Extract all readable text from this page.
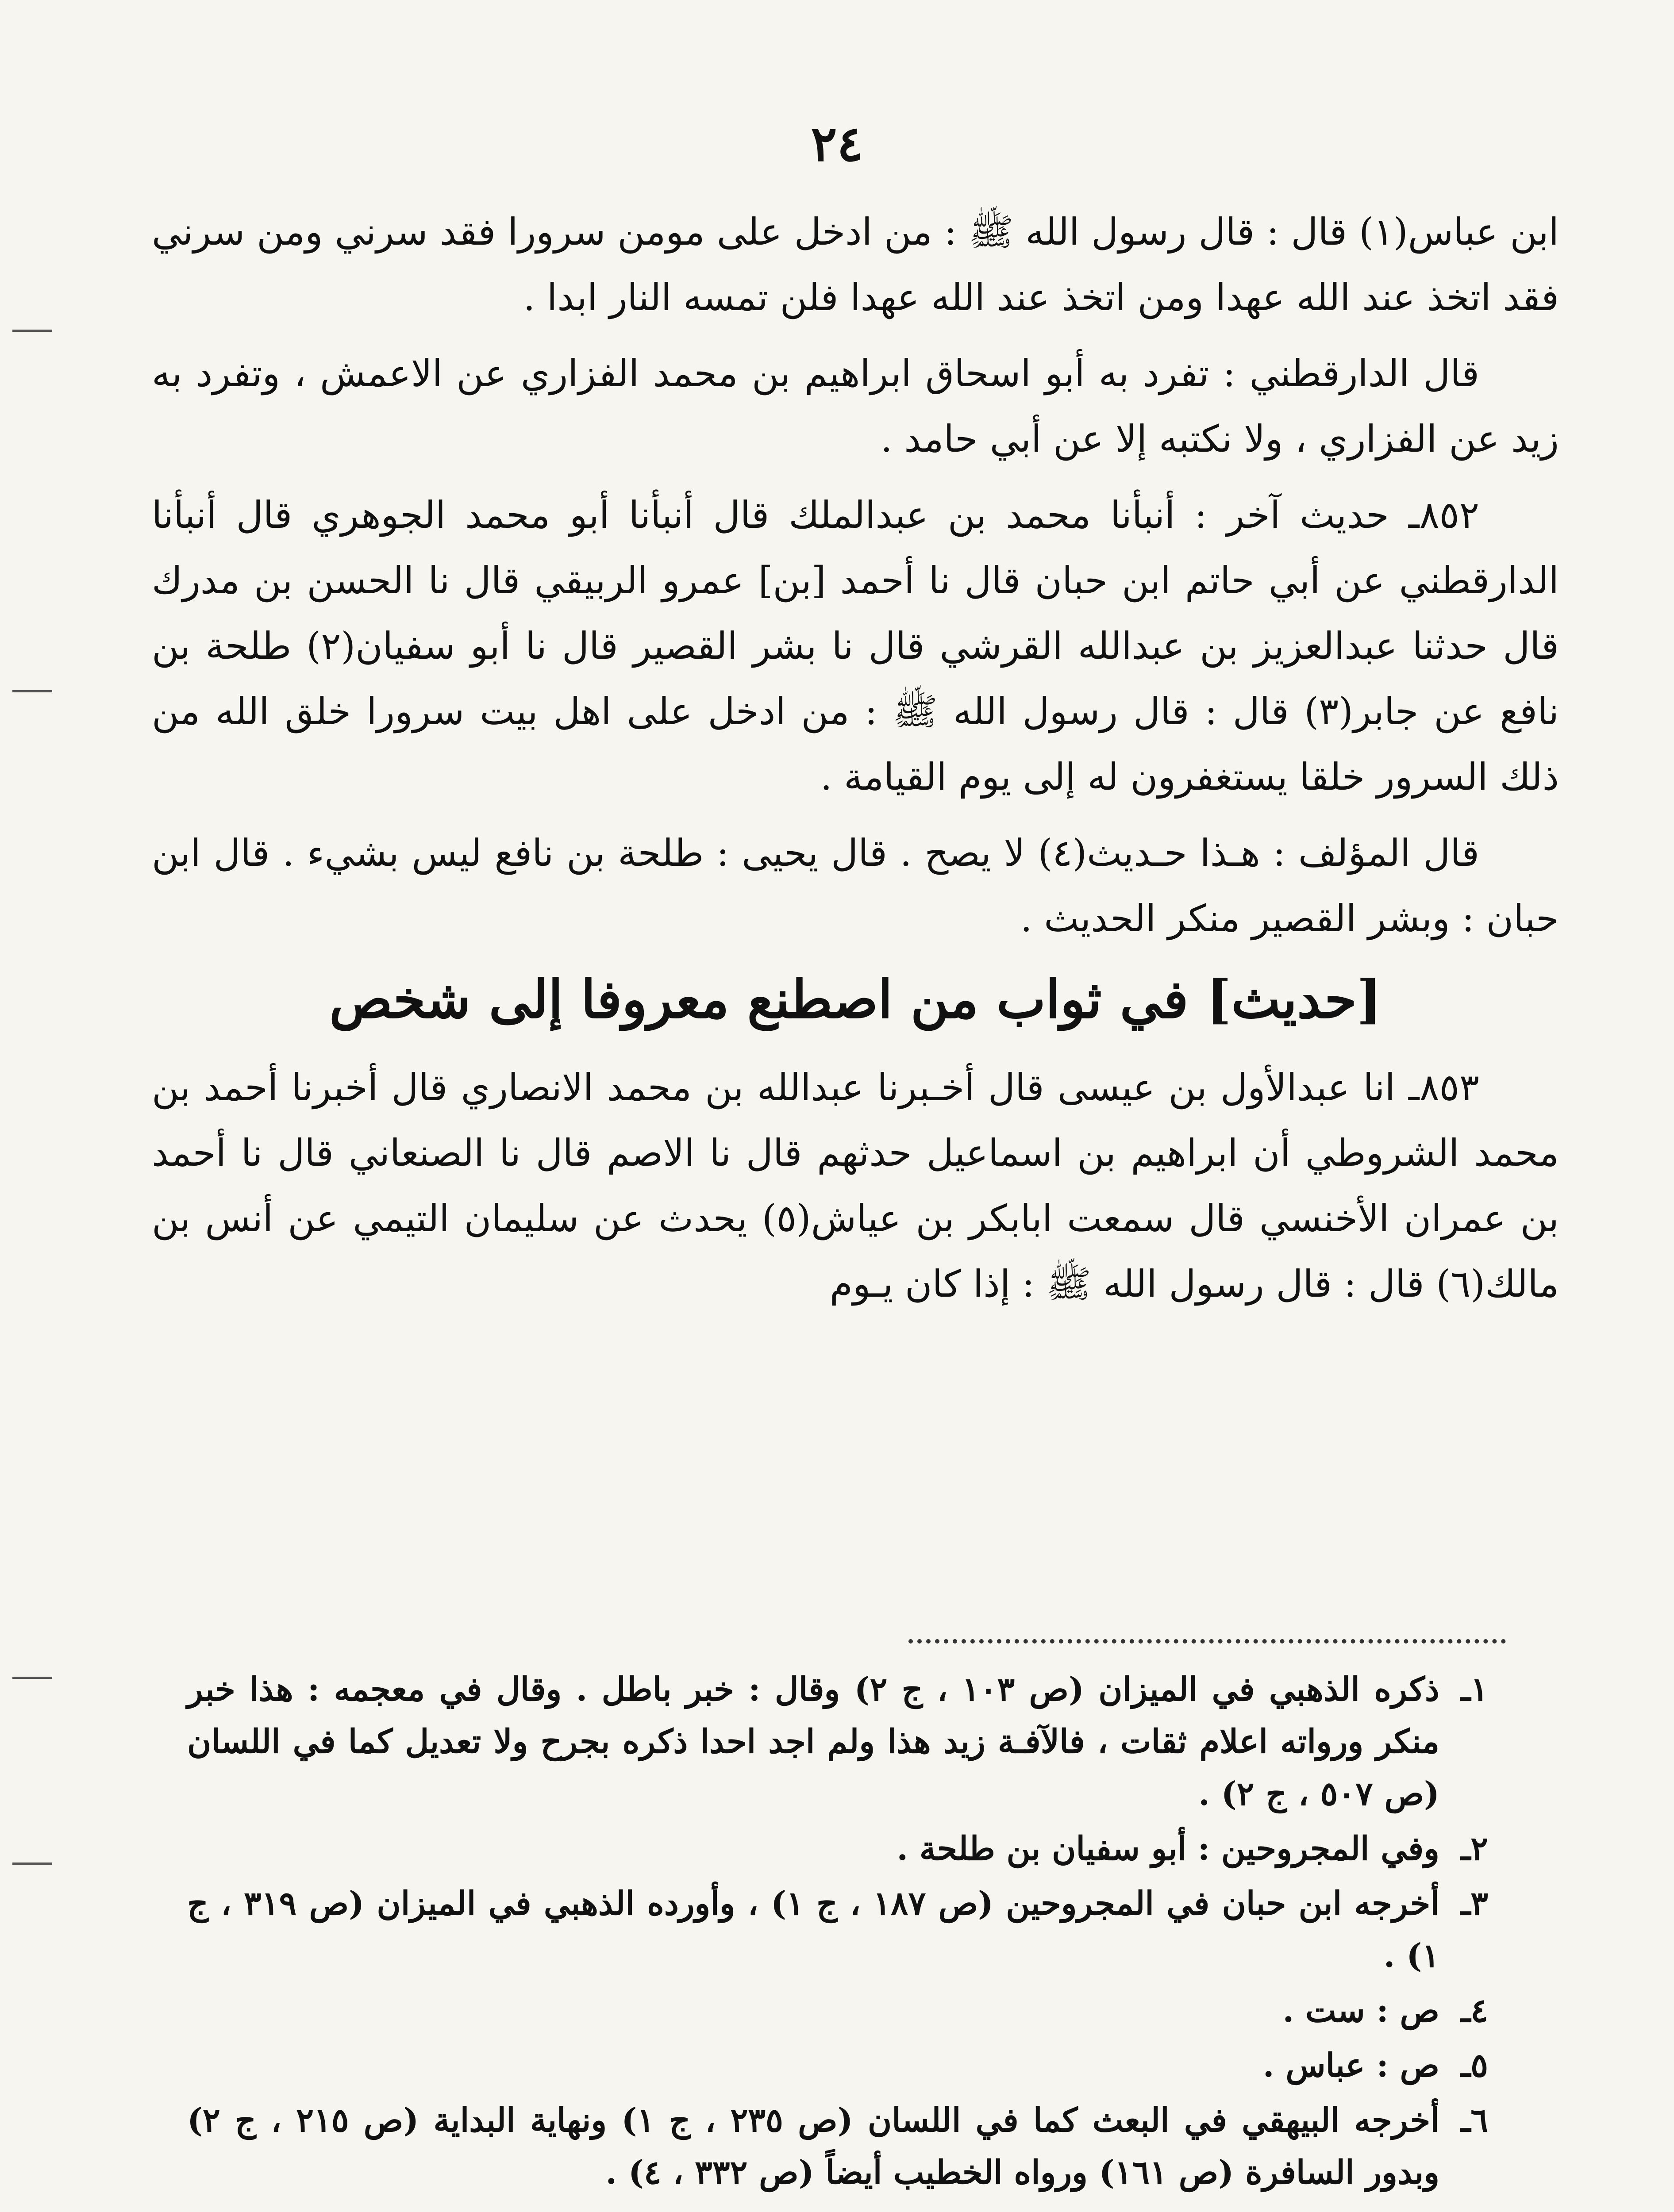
٢٤

ابن عباس(١) قال : قال رسول الله ﷺ : من ادخل على مومن سرورا فقد سرني ومن سرني فقد اتخذ عند الله عهدا ومن اتخذ عند الله عهدا فلن تمسه النار ابدا .

قال الدارقطني : تفرد به أبو اسحاق ابراهيم بن محمد الفزاري عن الاعمش ، وتفرد به زيد عن الفزاري ، ولا نكتبه إلا عن أبي حامد .

٨٥٢ـ حديث آخر : أنبأنا محمد بن عبدالملك قال أنبأنا أبو محمد الجوهري قال أنبأنا الدارقطني عن أبي حاتم ابن حبان قال نا أحمد [بن] عمرو الربيقي قال نا الحسن بن مدرك قال حدثنا عبدالعزيز بن عبدالله القرشي قال نا بشر القصير قال نا أبو سفيان(٢) طلحة بن نافع عن جابر(٣) قال : قال رسول الله ﷺ : من ادخل على اهل بيت سرورا خلق الله من ذلك السرور خلقا يستغفرون له إلى يوم القيامة .

قال المؤلف : هـذا حـديث(٤) لا يصح . قال يحيى : طلحة بن نافع ليس بشيء . قال ابن حبان : وبشر القصير منكر الحديث .

[حديث] في ثواب من اصطنع معروفا إلى شخص

٨٥٣ـ انا عبدالأول بن عيسى قال أخـبرنا عبدالله بن محمد الانصاري قال أخبرنا أحمد بن محمد الشروطي أن ابراهيم بن اسماعيل حدثهم قال نا الاصم قال نا الصنعاني قال نا أحمد بن عمران الأخنسي قال سمعت ابابكر بن عياش(٥) يحدث عن سليمان التيمي عن أنس بن مالك(٦) قال : قال رسول الله ﷺ : إذا كان يـوم

١ـ
ذكره الذهبي في الميزان (ص ١٠٣ ، ج ٢) وقال : خبر باطل . وقال في معجمه : هذا خبر منكر ورواته اعلام ثقات ، فالآفـة زيد هذا ولم اجد احدا ذكره بجرح ولا تعديل كما في اللسان (ص ٥٠٧ ، ج ٢) .
٢ـ
وفي المجروحين : أبو سفيان بن طلحة .
٣ـ
أخرجه ابن حبان في المجروحين (ص ١٨٧ ، ج ١) ، وأورده الذهبي في الميزان (ص ٣١٩ ، ج ١) .
٤ـ
ص : ست .
٥ـ
ص : عباس .
٦ـ
أخرجه البيهقي في البعث كما في اللسان (ص ٢٣٥ ، ج ١) ونهاية البداية (ص ٢١٥ ، ج ٢) وبدور السافرة (ص ١٦١) ورواه الخطيب أيضاً (ص ٣٣٢ ، ٤) .
